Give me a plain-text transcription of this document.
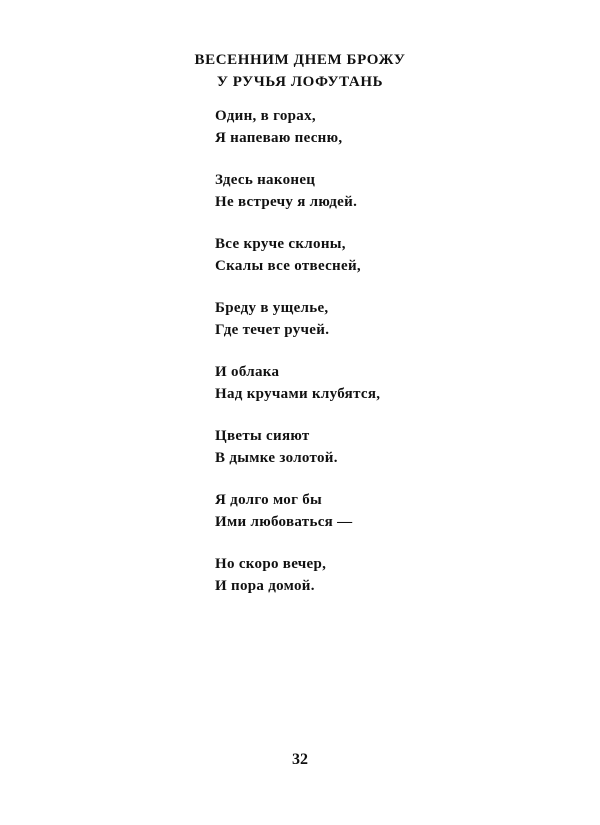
ВЕСЕННИМ ДНЕМ БРОЖУ
У РУЧЬЯ ЛОФУТАНЬ
Один, в горах,
Я напеваю песню,
Здесь наконец
Не встречу я людей.
Все круче склоны,
Скалы все отвесней,
Бреду в ущелье,
Где течет ручей.
И облака
Над кручами клубятся,
Цветы сияют
В дымке золотой.
Я долго мог бы
Ими любоваться —
Но скоро вечер,
И пора домой.
32
